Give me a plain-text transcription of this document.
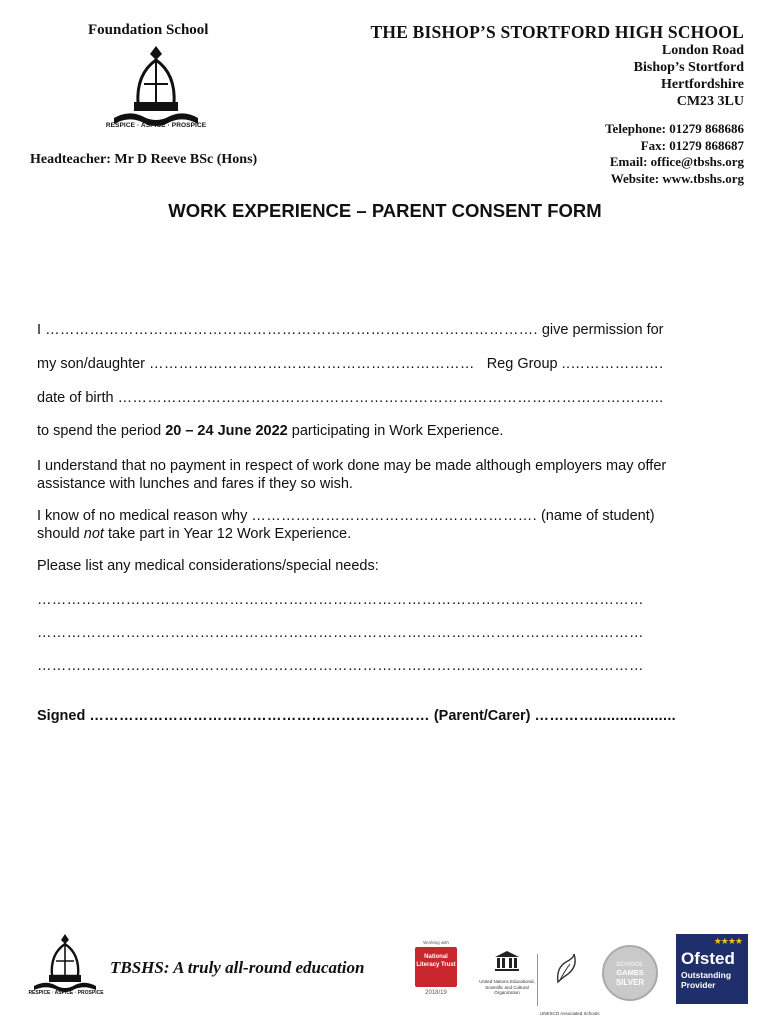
Foundation School
RESPICE · ASPICE · PROSPICE
Headteacher: Mr D Reeve BSc (Hons)
THE BISHOP’S STORTFORD HIGH SCHOOL
London Road
Bishop’s Stortford
Hertfordshire
CM23 3LU
Telephone: 01279 868686
Fax: 01279 868687
Email: office@tbshs.org
Website: www.tbshs.org
WORK EXPERIENCE – PARENT CONSENT FORM
I ………………………………………………………………………………………. give permission for
my son/daughter ………………………………………………………… Reg Group ..……………….
date of birth ………………………………………………………………………………………………...
to spend the period 20 – 24 June 2022 participating in Work Experience.
I understand that no payment in respect of work done may be made although employers may offer assistance with lunches and fares if they so wish.
I know of no medical reason why …………………………………………………. (name of student)
should not take part in Year 12 Work Experience.
Please list any medical considerations/special needs:
……………………………………………………………………………………………………………
……………………………………………………………………………………………………………
……………………………………………………………………………………………………………
Signed …………………………………………………………… (Parent/Carer) …………...................
RESPICE · ASPICE · PROSPICE
TBSHS: A truly all-round education
Working with
National Literacy Trust
2018/19
United Nations Educational, Scientific and Cultural Organization
UNESCO Associated Schools
SCHOOL
GAMES
SILVER
★★★★
Ofsted
Outstanding Provider
